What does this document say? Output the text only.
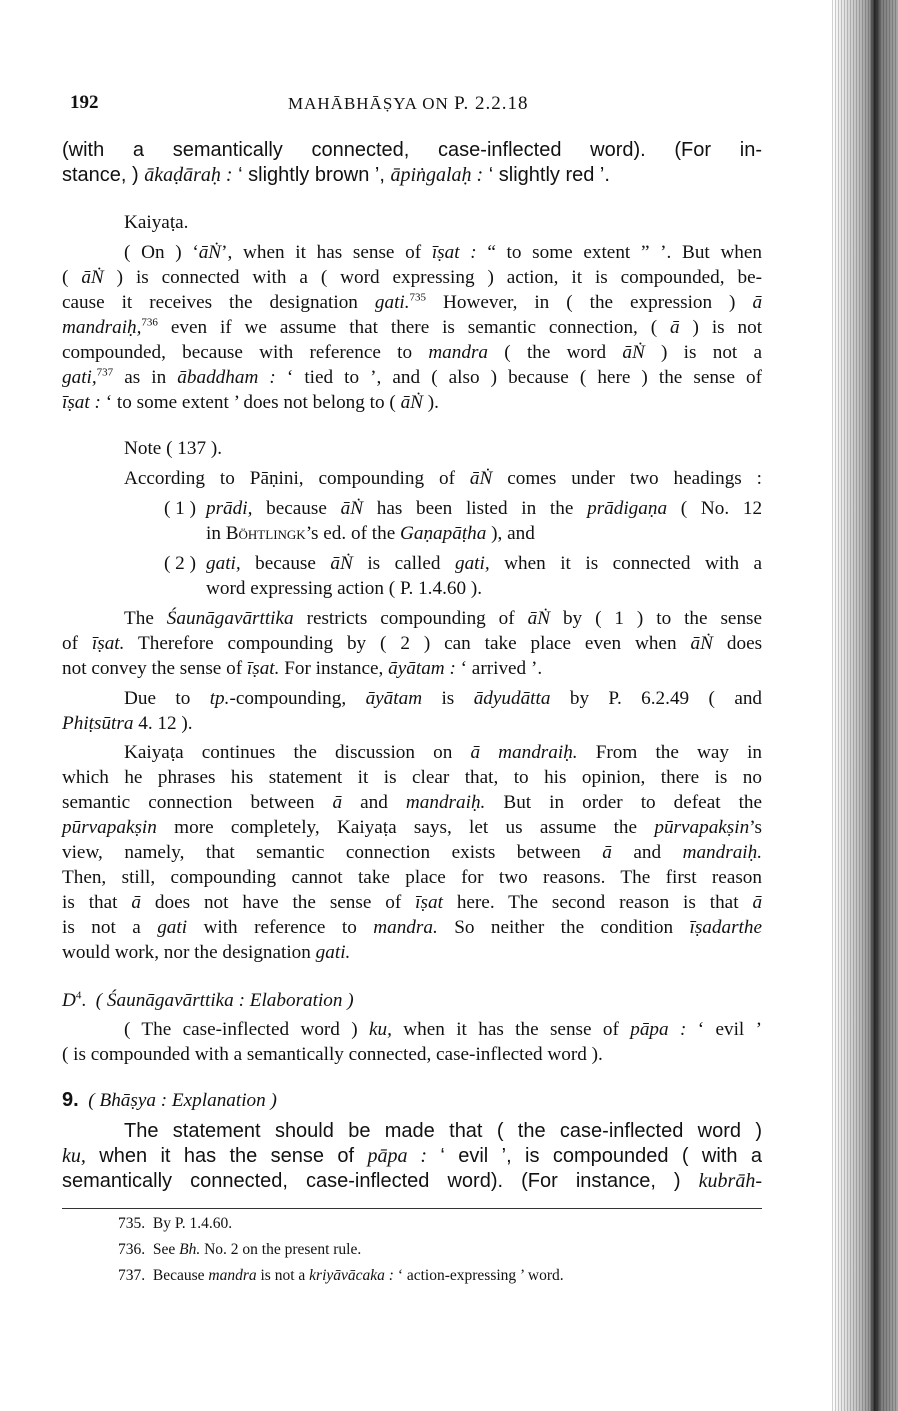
192	MAHĀBHĀṢYA ON P. 2.2.18
(with a semantically connected, case-inflected word). (For in-
stance, ) ākaḍāraḥ : ‘ slightly brown ’, āpiṅgalaḥ : ‘ slightly red ’.
Kaiyaṭa.
( On ) ‘āṄ’, when it has sense of īṣat : “ to some extent ” ’. But when
( āṄ ) is connected with a ( word expressing ) action, it is compounded, be-
cause it receives the designation gati.$^{735}$ However, in ( the expression ) ā
mandraiḥ,$^{736}$ even if we assume that there is semantic connection, ( ā ) is not
compounded, because with reference to mandra ( the word āṄ ) is not a
gati,$^{737}$ as in ābaddham : ‘ tied to ’, and ( also ) because ( here ) the sense of
īṣat : ‘ to some extent ’ does not belong to ( āṄ ).
Note ( 137 ).
According to Pāṇini, compounding of āṄ comes under two headings :
( 1 ) prādi, because āṄ has been listed in the prādigaṇa ( No. 12
in Böhtlingk’s ed. of the Gaṇapāṭha ), and
( 2 ) gati, because āṄ is called gati, when it is connected with a
word expressing action ( P. 1.4.60 ).
The Śaunāgavārttika restricts compounding of āṄ by ( 1 ) to the sense
of īṣat. Therefore compounding by ( 2 ) can take place even when āṄ does
not convey the sense of īṣat. For instance, āyātam : ‘ arrived ’.
Due to tp.-compounding, āyātam is ādyudātta by P. 6.2.49 ( and
Phiṭsūtra 4. 12 ).
Kaiyaṭa continues the discussion on ā mandraiḥ. From the way in
which he phrases his statement it is clear that, to his opinion, there is no
semantic connection between ā and mandraiḥ. But in order to defeat the
pūrvapakṣin more completely, Kaiyaṭa says, let us assume the pūrvapakṣin’s
view, namely, that semantic connection exists between ā and mandraiḥ.
Then, still, compounding cannot take place for two reasons. The first reason
is that ā does not have the sense of īṣat here. The second reason is that ā
is not a gati with reference to mandra. So neither the condition īṣadarthe
would work, nor the designation gati.
$D^4$.  ( Śaunāgavārttika : Elaboration )
( The case-inflected word ) ku, when it has the sense of pāpa : ‘ evil ’
( is compounded with a semantically connected, case-inflected word ).
9. ( Bhāṣya : Explanation )
The statement should be made that ( the case-inflected word )
ku, when it has the sense of pāpa : ‘ evil ’, is compounded ( with a
semantically connected, case-inflected word). (For instance, ) kubrāh-
735. By P. 1.4.60.
736. See Bh. No. 2 on the present rule.
737.  Because mandra is not a kriyāvācaka : ‘ action-expressing ’ word.
